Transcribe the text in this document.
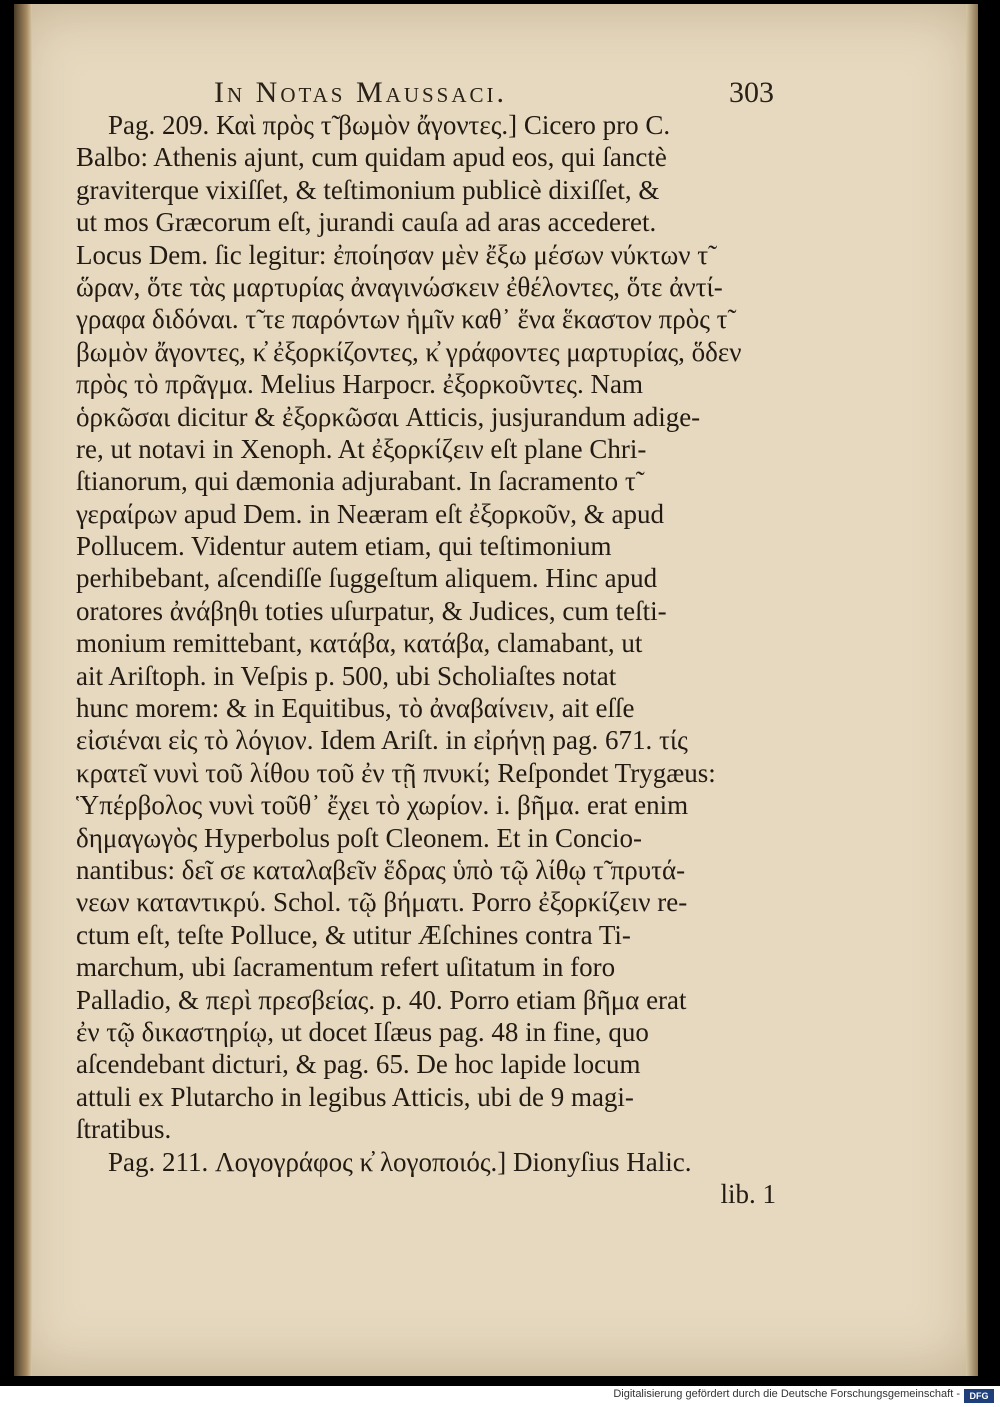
In Notas Maussaci.	303
Pag. 209. Καὶ πρὸς τ̃ βωμὸν ἄγοντες.] Cicero pro C.
Balbo: Athenis ajunt, cum quidam apud eos, qui ſanctè
graviterque vixiſſet, & teſtimonium publicè dixiſſet, &
ut mos Græcorum eſt, jurandi cauſa ad aras accederet.
Locus Dem. ſic legitur: ἐποίησαν μὲν ἔξω μέσων νύκτων τ̃
ὥραν, ὅτε τὰς μαρτυρίας ἀναγινώσκειν ἐθέλοντες, ὅτε ἀντί-
γραφα διδόναι. τ̃ τε παρόντων ἡμῖν καθ᾽ ἕνα ἕκαστον πρὸς τ̃
βωμὸν ἄγοντες, κ̓ ἐξορκίζοντες, κ̓ γράφοντες μαρτυρίας, ὅδεν
πρὸς τὸ πρᾶγμα. Melius Harpocr. ἐξορκοῦντες. Nam
ὁρκῶσαι dicitur & ἐξορκῶσαι Atticis, jusjurandum adige-
re, ut notavi in Xenoph. At ἐξορκίζειν eſt plane Chri-
ſtianorum, qui dæmonia adjurabant. In ſacramento τ̃
γεραίρων apud Dem. in Neæram eſt ἐξορκοῦν, & apud
Pollucem. Videntur autem etiam, qui teſtimonium
perhibebant, aſcendiſſe ſuggeſtum aliquem. Hinc apud
oratores ἀνάβηθι toties uſurpatur, & Judices, cum teſti-
monium remittebant, κατάβα, κατάβα, clamabant, ut
ait Ariſtoph. in Veſpis p. 500, ubi Scholiaſtes notat
hunc morem: & in Equitibus, τὸ ἀναβαίνειν, ait eſſe
εἰσιέναι εἰς τὸ λόγιον. Idem Ariſt. in εἰρήνῃ pag. 671. τίς
κρατεῖ νυνὶ τοῦ λίθου τοῦ ἐν τῇ πνυκί; Reſpondet Trygæus:
Ὑπέρβολος νυνὶ τοῦθ᾽ ἔχει τὸ χωρίον. i. βῆμα. erat enim
δημαγωγὸς Hyperbolus poſt Cleonem. Et in Concio-
nantibus: δεῖ σε καταλαβεῖν ἕδρας ὑπὸ τῷ λίθῳ τ̃ πρυτά-
νεων καταντικρύ. Schol. τῷ βήματι. Porro ἐξορκίζειν re-
ctum eſt, teſte Polluce, & utitur Æſchines contra Ti-
marchum, ubi ſacramentum refert uſitatum in foro
Palladio, & περὶ πρεσβείας. p. 40. Porro etiam βῆμα erat
ἐν τῷ δικαστηρίῳ, ut docet Iſæus pag. 48 in fine, quo
aſcendebant dicturi, & pag. 65. De hoc lapide locum
attuli ex Plutarcho in legibus Atticis, ubi de 9 magi-
ſtratibus.
Pag. 211. Λογογράφος κ̓ λογοποιός.] Dionyſius Halic.
lib. 1
Digitalisierung gefördert durch die Deutsche Forschungsgemeinschaft -	DFG
